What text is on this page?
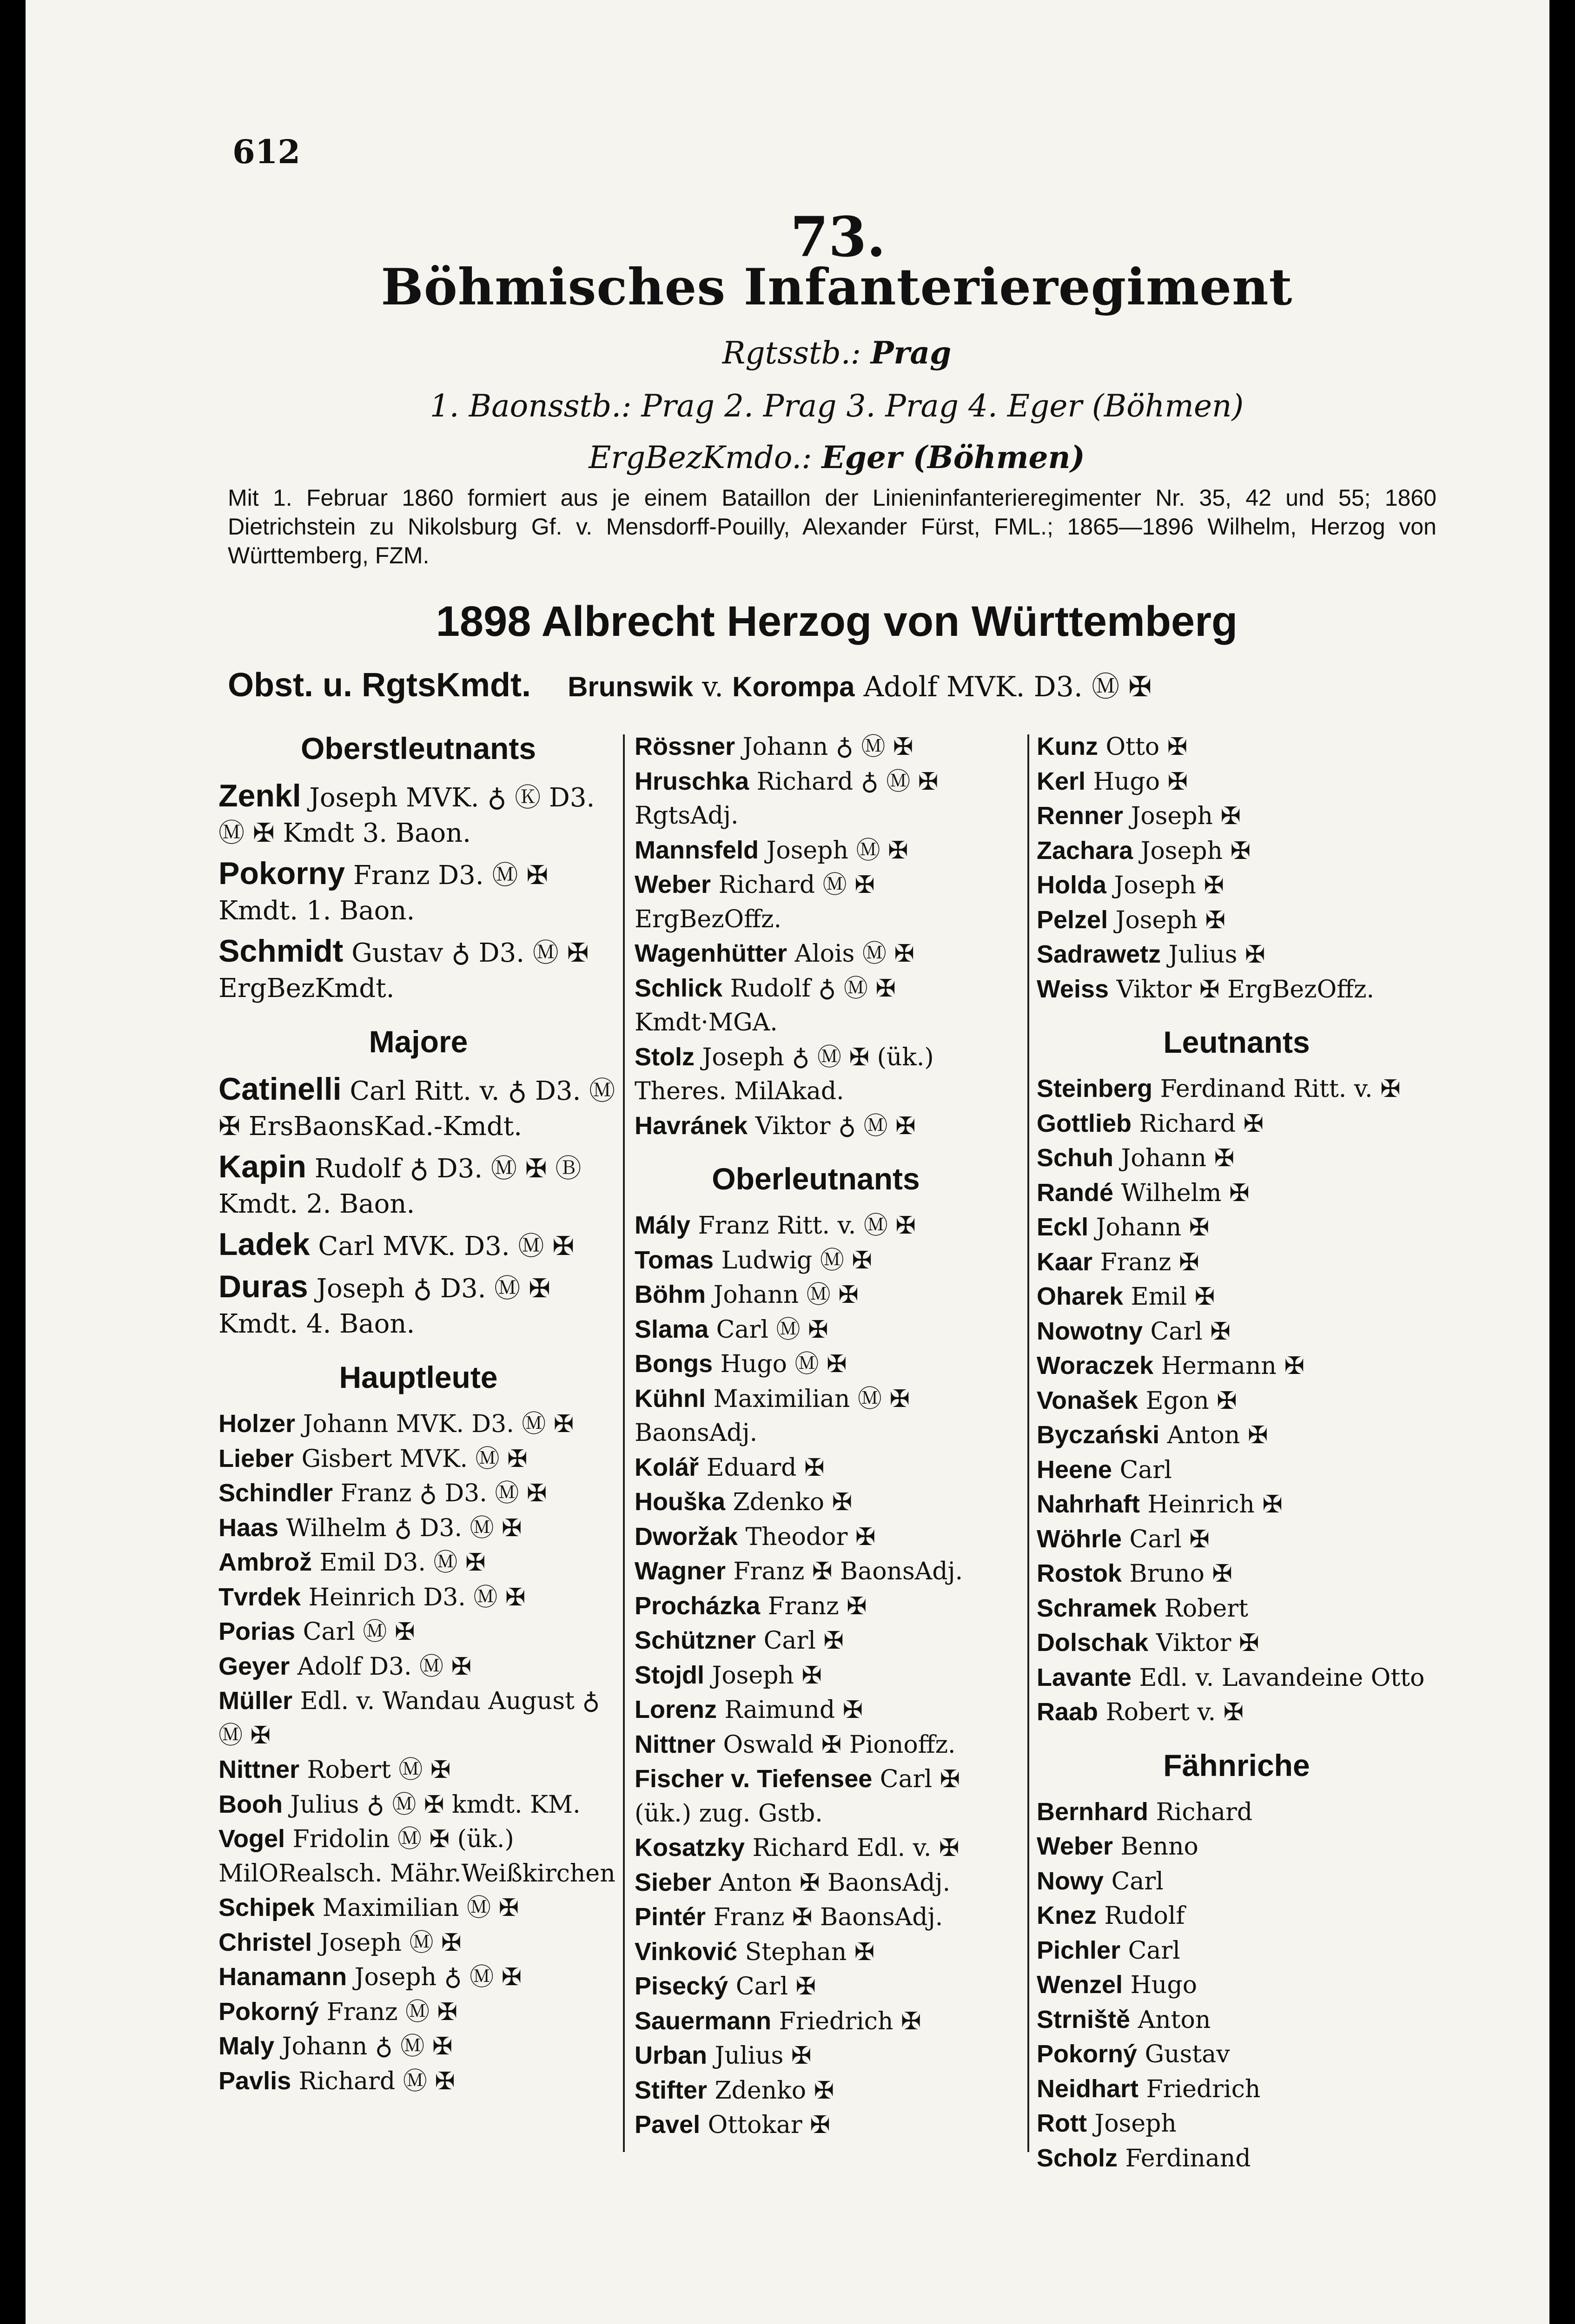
612
73.
Böhmisches Infanterieregiment
Rgtsstb.: Prag
1. Baonsstb.: Prag 2. Prag 3. Prag 4. Eger (Böhmen)
ErgBezKmdo.: Eger (Böhmen)
Mit 1. Februar 1860 formiert aus je einem Bataillon der Linieninfanterieregimenter Nr. 35, 42 und 55; 1860 Dietrichstein zu Nikolsburg Gf. v. Mensdorff-Pouilly, Alexander Fürst, FML.; 1865—1896 Wilhelm, Herzog von Württemberg, FZM.
1898 Albrecht Herzog von Württemberg
Obst. u. RgtsKmdt. Brunswik v. Korompa Adolf MVK. D3. Ⓜ ✠
Oberstleutnants
Zenkl Joseph MVK. ♁ Ⓚ D3. Ⓜ ✠ Kmdt 3. Baon.
Pokorny Franz D3. Ⓜ ✠ Kmdt. 1. Baon.
Schmidt Gustav ♁ D3. Ⓜ ✠ ErgBezKmdt.
Majore
Catinelli Carl Ritt. v. ♁ D3. Ⓜ ✠ ErsBaonsKad.-Kmdt.
Kapin Rudolf ♁ D3. Ⓜ ✠ Ⓑ Kmdt. 2. Baon.
Ladek Carl MVK. D3. Ⓜ ✠
Duras Joseph ♁ D3. Ⓜ ✠ Kmdt. 4. Baon.
Hauptleute
Holzer Johann MVK. D3. Ⓜ ✠
Lieber Gisbert MVK. Ⓜ ✠
Schindler Franz ♁ D3. Ⓜ ✠
Haas Wilhelm ♁ D3. Ⓜ ✠
Ambrož Emil D3. Ⓜ ✠
Tvrdek Heinrich D3. Ⓜ ✠
Porias Carl Ⓜ ✠
Geyer Adolf D3. Ⓜ ✠
Müller Edl. v. Wandau August ♁ Ⓜ ✠
Nittner Robert Ⓜ ✠
Booh Julius ♁ Ⓜ ✠ kmdt. KM.
Vogel Fridolin Ⓜ ✠ (ük.) MilORealsch. Mähr.Weißkirchen
Schipek Maximilian Ⓜ ✠
Christel Joseph Ⓜ ✠
Hanamann Joseph ♁ Ⓜ ✠
Pokorný Franz Ⓜ ✠
Maly Johann ♁ Ⓜ ✠
Pavlis Richard Ⓜ ✠
Rössner Johann ♁ Ⓜ ✠
Hruschka Richard ♁ Ⓜ ✠ RgtsAdj.
Mannsfeld Joseph Ⓜ ✠
Weber Richard Ⓜ ✠ ErgBezOffz.
Wagenhütter Alois Ⓜ ✠
Schlick Rudolf ♁ Ⓜ ✠ Kmdt·MGA.
Stolz Joseph ♁ Ⓜ ✠ (ük.) Theres. MilAkad.
Havránek Viktor ♁ Ⓜ ✠
Oberleutnants
Mály Franz Ritt. v. Ⓜ ✠
Tomas Ludwig Ⓜ ✠
Böhm Johann Ⓜ ✠
Slama Carl Ⓜ ✠
Bongs Hugo Ⓜ ✠
Kühnl Maximilian Ⓜ ✠ BaonsAdj.
Kolář Eduard ✠
Houška Zdenko ✠
Dworžak Theodor ✠
Wagner Franz ✠ BaonsAdj.
Procházka Franz ✠
Schützner Carl ✠
Stojdl Joseph ✠
Lorenz Raimund ✠
Nittner Oswald ✠ Pionoffz.
Fischer v. Tiefensee Carl ✠ (ük.) zug. Gstb.
Kosatzky Richard Edl. v. ✠
Sieber Anton ✠ BaonsAdj.
Pintér Franz ✠ BaonsAdj.
Vinković Stephan ✠
Pisecký Carl ✠
Sauermann Friedrich ✠
Urban Julius ✠
Stifter Zdenko ✠
Pavel Ottokar ✠
Kunz Otto ✠
Kerl Hugo ✠
Renner Joseph ✠
Zachara Joseph ✠
Holda Joseph ✠
Pelzel Joseph ✠
Sadrawetz Julius ✠
Weiss Viktor ✠ ErgBezOffz.
Leutnants
Steinberg Ferdinand Ritt. v. ✠
Gottlieb Richard ✠
Schuh Johann ✠
Randé Wilhelm ✠
Eckl Johann ✠
Kaar Franz ✠
Oharek Emil ✠
Nowotny Carl ✠
Woraczek Hermann ✠
Vonašek Egon ✠
Byczański Anton ✠
Heene Carl
Nahrhaft Heinrich ✠
Wöhrle Carl ✠
Rostok Bruno ✠
Schramek Robert
Dolschak Viktor ✠
Lavante Edl. v. Lavandeine Otto
Raab Robert v. ✠
Fähnriche
Bernhard Richard
Weber Benno
Nowy Carl
Knez Rudolf
Pichler Carl
Wenzel Hugo
Strniště Anton
Pokorný Gustav
Neidhart Friedrich
Rott Joseph
Scholz Ferdinand
